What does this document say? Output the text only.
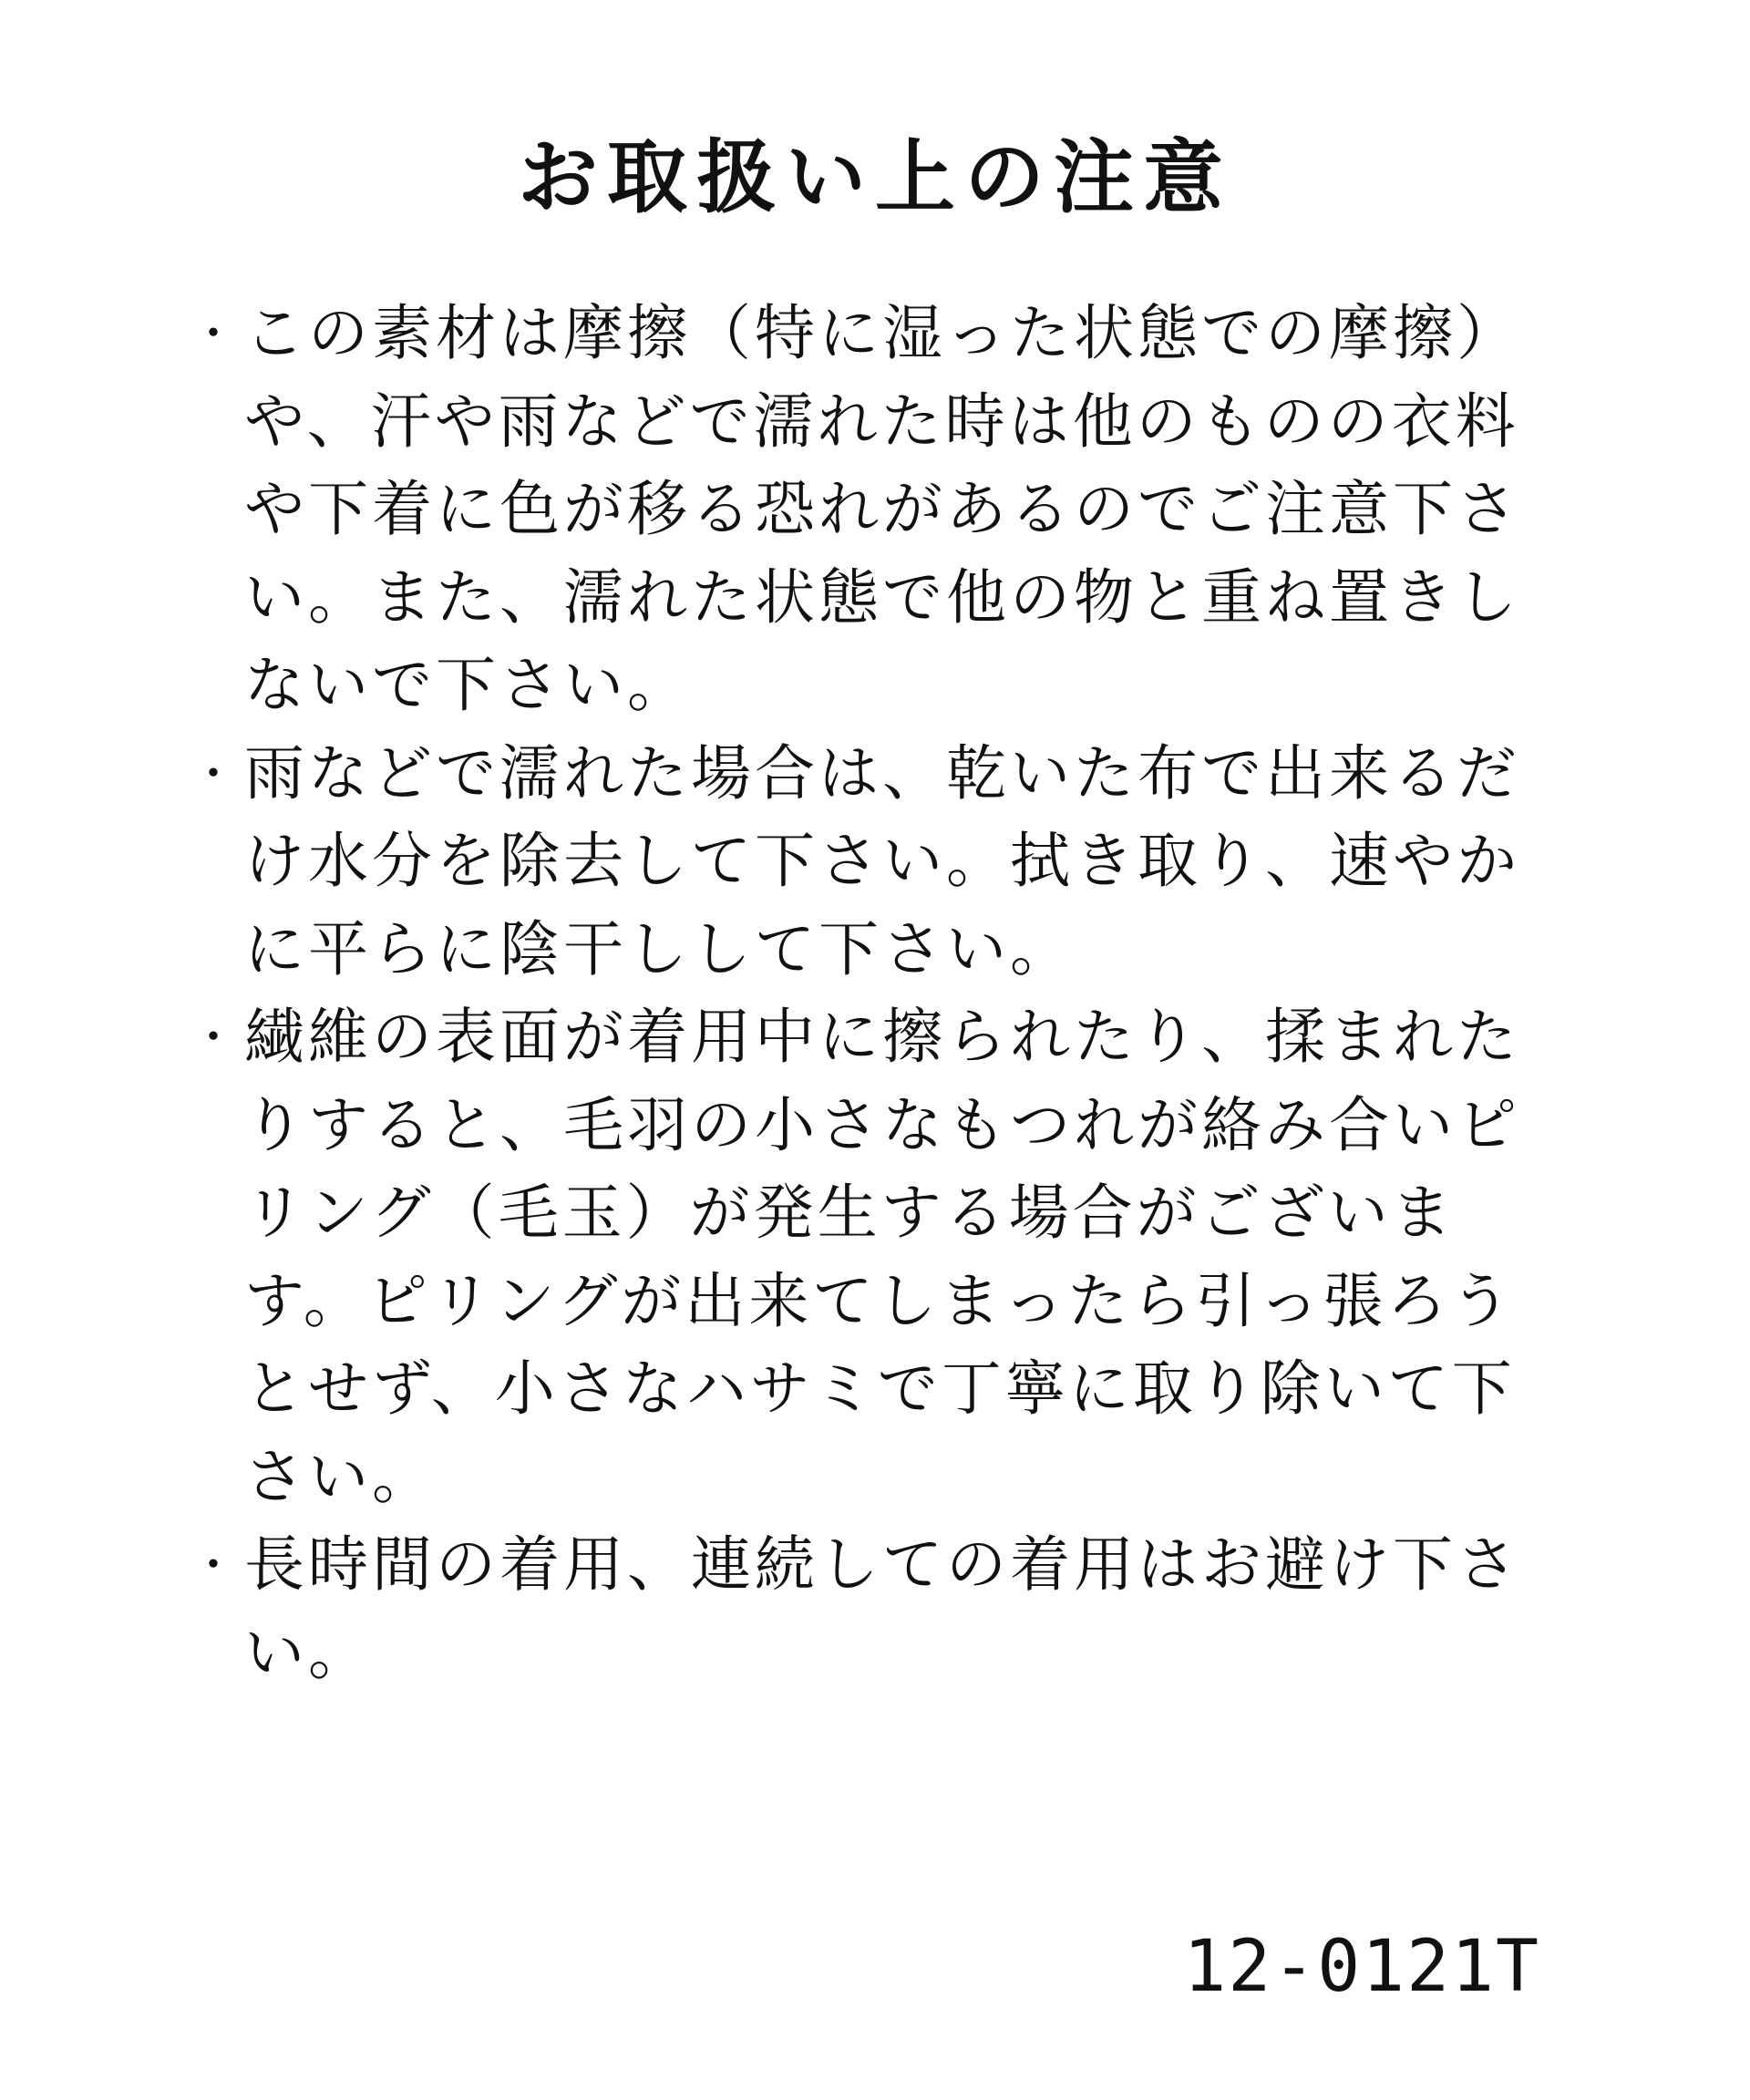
お取扱い上の注意
・ この素材は摩擦（特に湿った状態での摩擦）や、汗や雨などで濡れた時は他のものの衣料や下着に色が移る恐れがあるのでご注意下さい。また、濡れた状態で他の物と重ね置きしないで下さい。
・ 雨などで濡れた場合は、乾いた布で出来るだけ水分を除去して下さい。拭き取り、速やかに平らに陰干しして下さい。
・ 繊維の表面が着用中に擦られたり、揉まれたりすると、毛羽の小さなもつれが絡み合いピリング（毛玉）が発生する場合がございます。ピリングが出来てしまったら引っ張ろうとせず、小さなハサミで丁寧に取り除いて下さい。
・ 長時間の着用、連続しての着用はお避け下さい。
12-0121T
